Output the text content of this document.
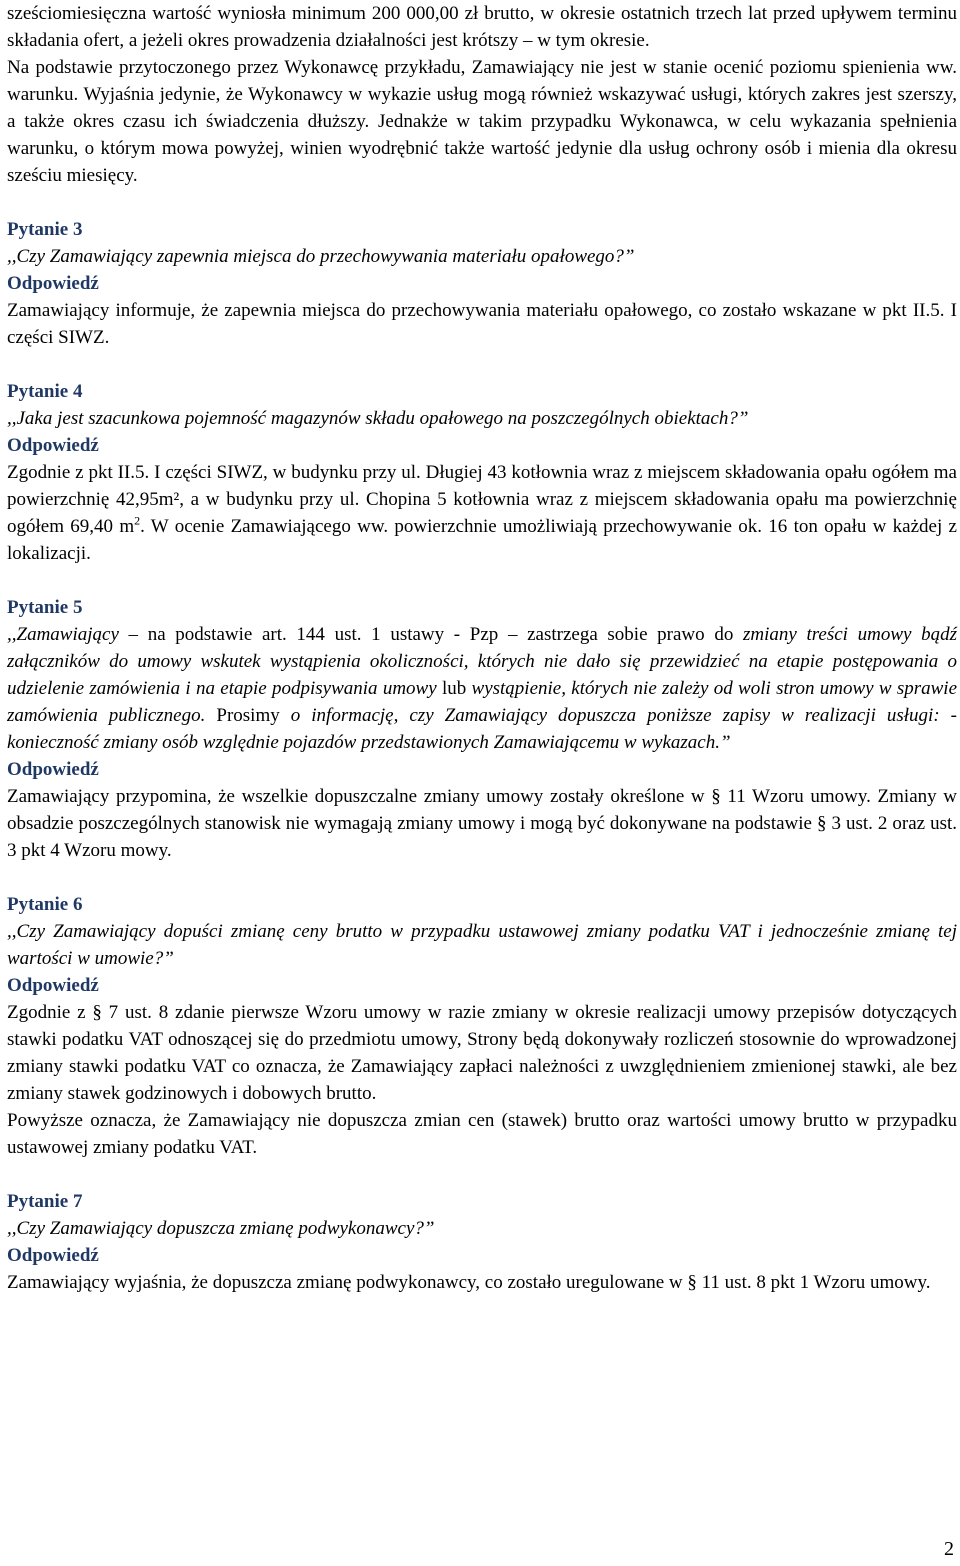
sześciomiesięczna wartość wyniosła minimum 200 000,00 zł brutto, w okresie ostatnich trzech lat przed upływem terminu składania ofert, a jeżeli okres prowadzenia działalności jest krótszy – w tym okresie.

Na podstawie przytoczonego przez Wykonawcę przykładu, Zamawiający nie jest w stanie ocenić poziomu spienienia ww. warunku. Wyjaśnia jedynie, że Wykonawcy w wykazie usług mogą również wskazywać usługi, których zakres jest szerszy, a także okres czasu ich świadczenia dłuższy. Jednakże w takim przypadku Wykonawca, w celu wykazania spełnienia warunku, o którym mowa powyżej, winien wyodrębnić także wartość jedynie dla usług ochrony osób i mienia dla okresu sześciu miesięcy.

Pytanie 3

,,Czy Zamawiający zapewnia miejsca do przechowywania materiału opałowego?”

Odpowiedź

Zamawiający informuje, że zapewnia miejsca do przechowywania materiału opałowego, co zostało wskazane w pkt II.5. I części SIWZ.

Pytanie 4

,,Jaka jest szacunkowa pojemność magazynów składu opałowego na poszczególnych obiektach?”

Odpowiedź

Zgodnie z pkt II.5. I części SIWZ, w budynku przy ul. Długiej 43 kotłownia wraz z miejscem składowania opału ogółem ma powierzchnię 42,95m², a w budynku przy ul. Chopina 5 kotłownia wraz z miejscem składowania opału ma powierzchnię ogółem 69,40 $m^2$. W ocenie Zamawiającego ww. powierzchnie umożliwiają przechowywanie ok. 16 ton opału w każdej z lokalizacji.

Pytanie 5

,,Zamawiający – na podstawie art. 144 ust. 1 ustawy - Pzp – zastrzega sobie prawo do zmiany treści umowy bądź załączników do umowy wskutek wystąpienia okoliczności, których nie dało się przewidzieć na etapie postępowania o udzielenie zamówienia i na etapie podpisywania umowy lub wystąpienie, których nie zależy od woli stron umowy w sprawie zamówienia publicznego. Prosimy o informację, czy Zamawiający dopuszcza poniższe zapisy w realizacji usługi: - konieczność zmiany osób względnie pojazdów przedstawionych Zamawiającemu w wykazach.”

Odpowiedź

Zamawiający przypomina, że wszelkie dopuszczalne zmiany umowy zostały określone w § 11 Wzoru umowy. Zmiany w obsadzie poszczególnych stanowisk nie wymagają zmiany umowy i mogą być dokonywane na podstawie § 3 ust. 2 oraz ust. 3 pkt 4 Wzoru mowy.

Pytanie 6

,,Czy Zamawiający dopuści zmianę ceny brutto w przypadku ustawowej zmiany podatku VAT i jednocześnie zmianę tej wartości w umowie?”

Odpowiedź

Zgodnie z § 7 ust. 8 zdanie pierwsze Wzoru umowy w razie zmiany w okresie realizacji umowy przepisów dotyczących stawki podatku VAT odnoszącej się do przedmiotu umowy, Strony będą dokonywały rozliczeń stosownie do wprowadzonej zmiany stawki podatku VAT co oznacza, że Zamawiający zapłaci należności z uwzględnieniem zmienionej stawki, ale bez zmiany stawek godzinowych i dobowych brutto.

Powyższe oznacza, że Zamawiający nie dopuszcza zmian cen (stawek) brutto oraz wartości umowy brutto w przypadku ustawowej zmiany podatku VAT.

Pytanie 7

,,Czy Zamawiający dopuszcza zmianę podwykonawcy?”

Odpowiedź

Zamawiający wyjaśnia, że dopuszcza zmianę podwykonawcy, co zostało uregulowane w § 11 ust. 8 pkt 1 Wzoru umowy.

2
